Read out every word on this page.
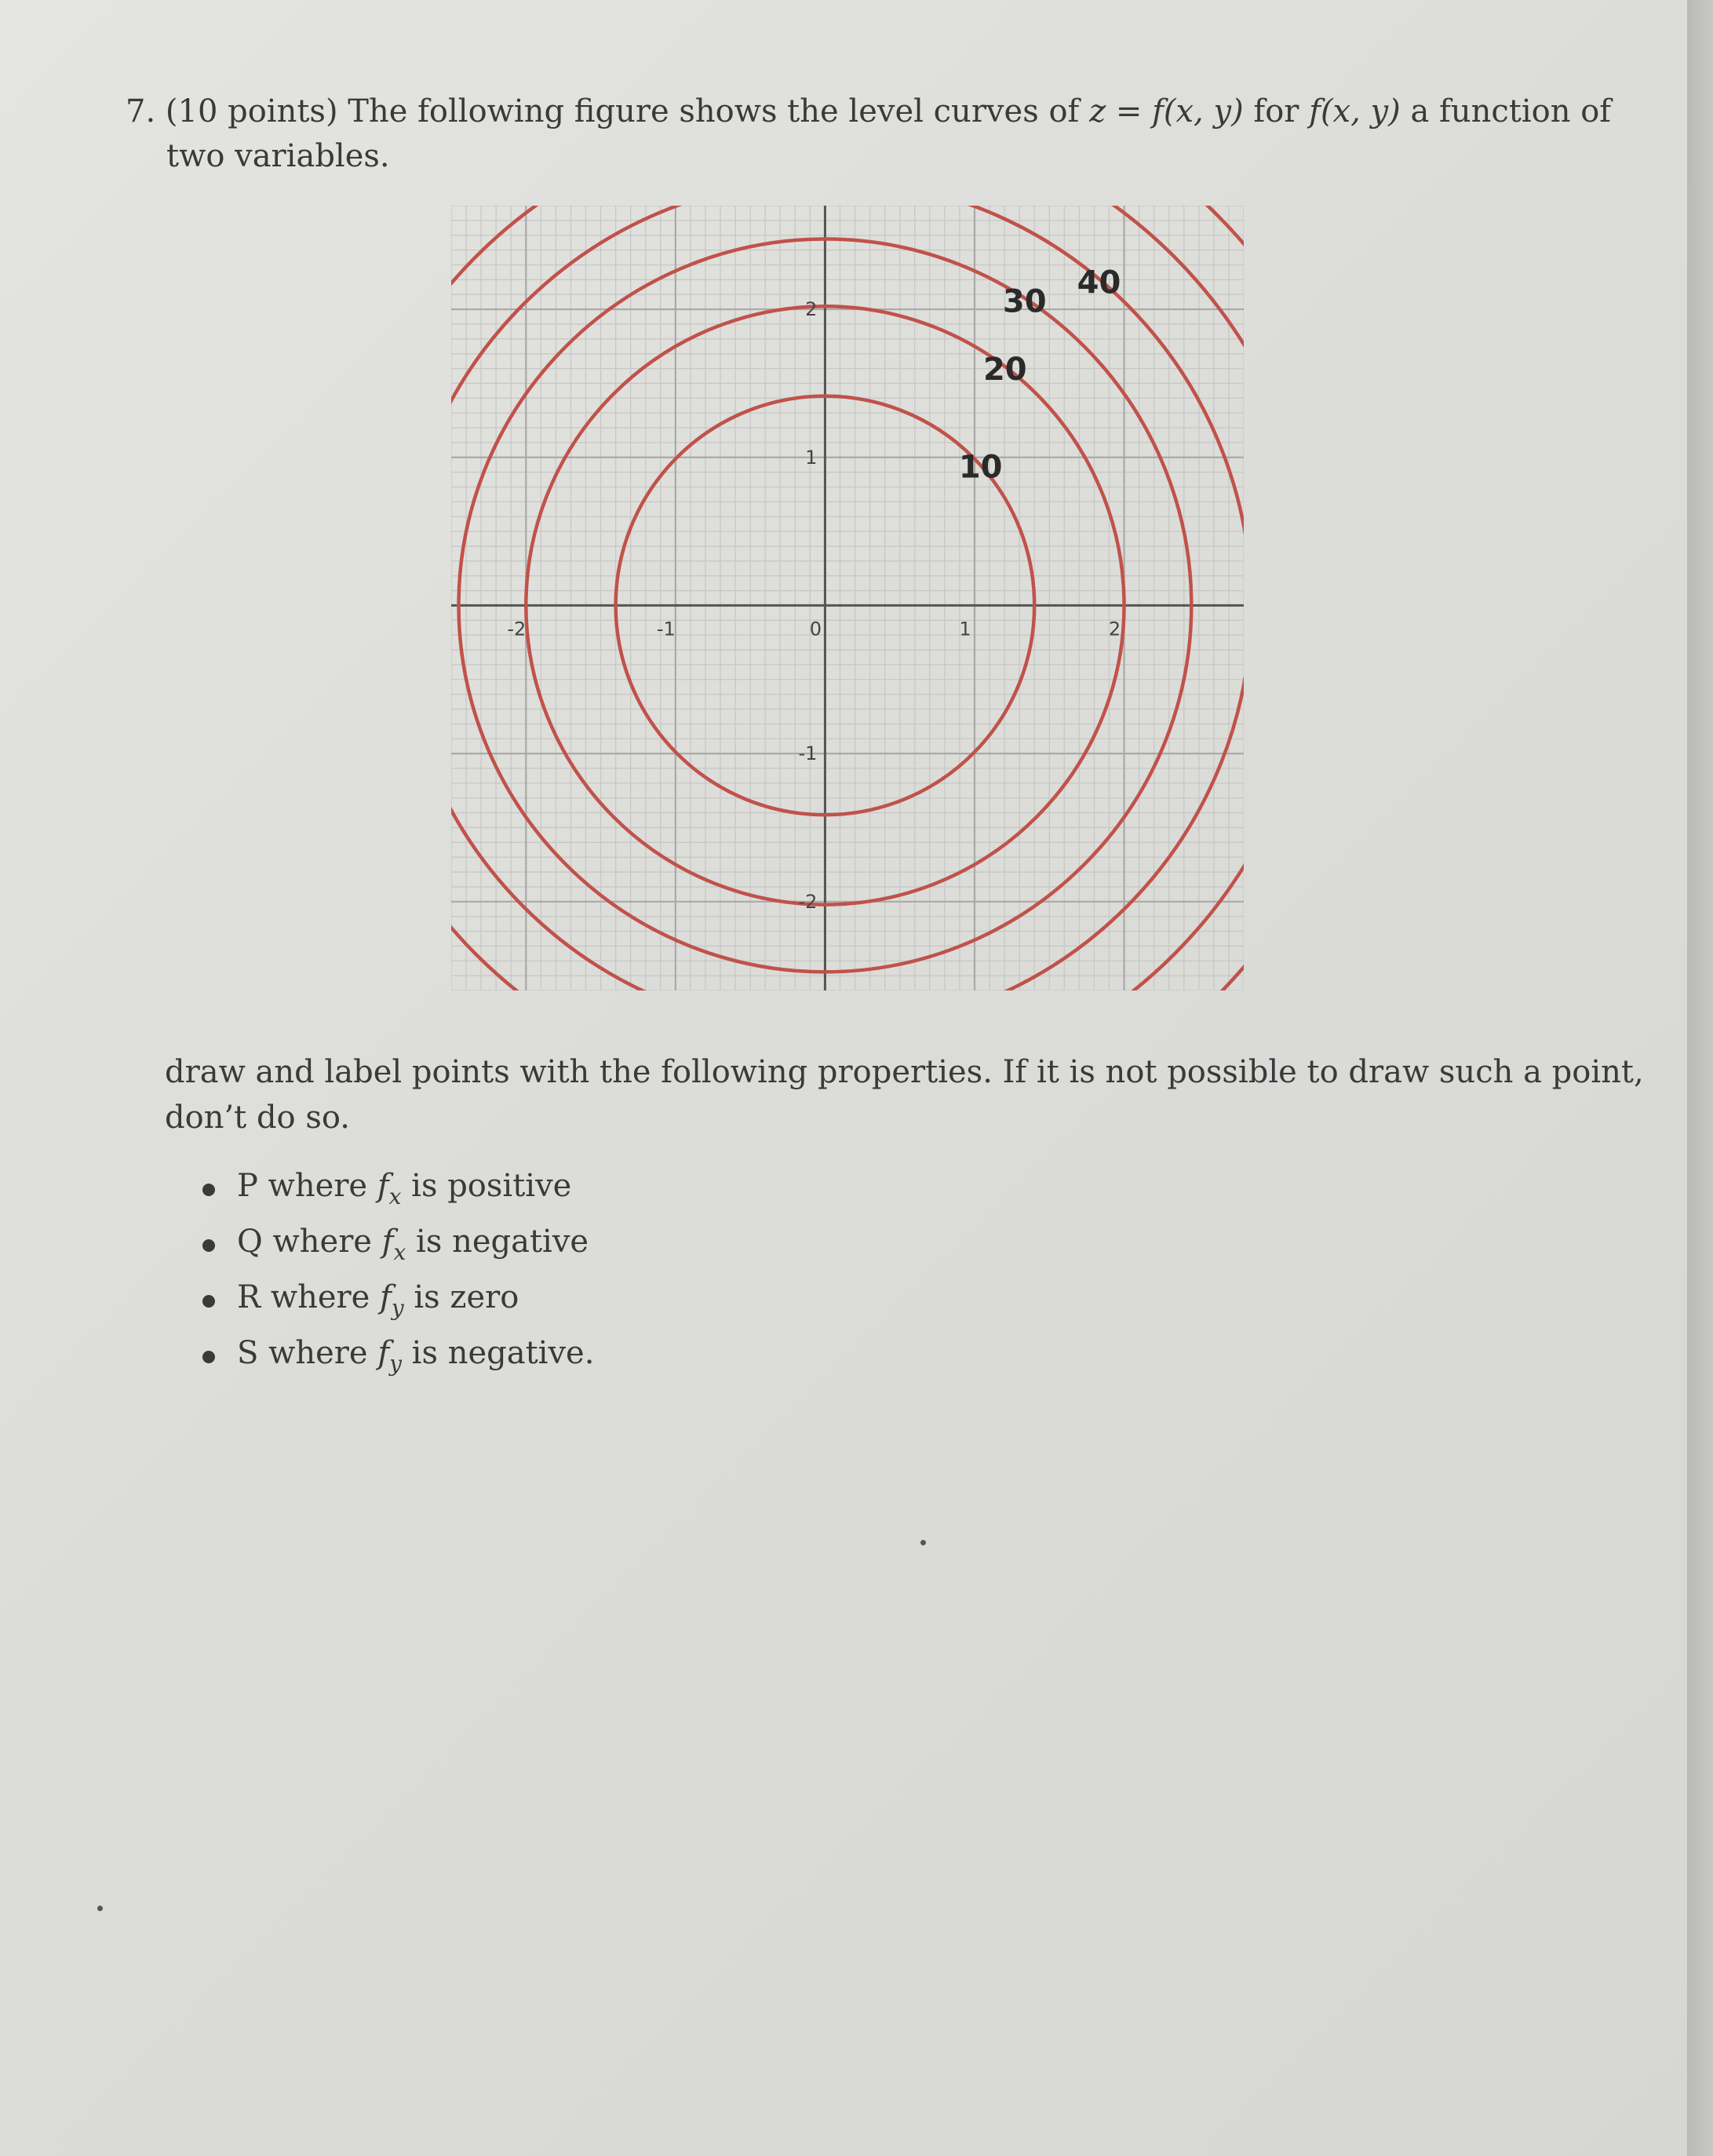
7. (10 points) The following figure shows the level curves of z = f(x, y) for f(x, y) a function of
two variables.
-2	-1	0	1	2
2
1
-1
-2
10
20
30
40
draw and label points with the following properties. If it is not possible to draw such a point,
don’t do so.
P where $f_x$ is positive
Q where $f_x$ is negative
R where $f_y$ is zero
S where $f_y$ is negative.
